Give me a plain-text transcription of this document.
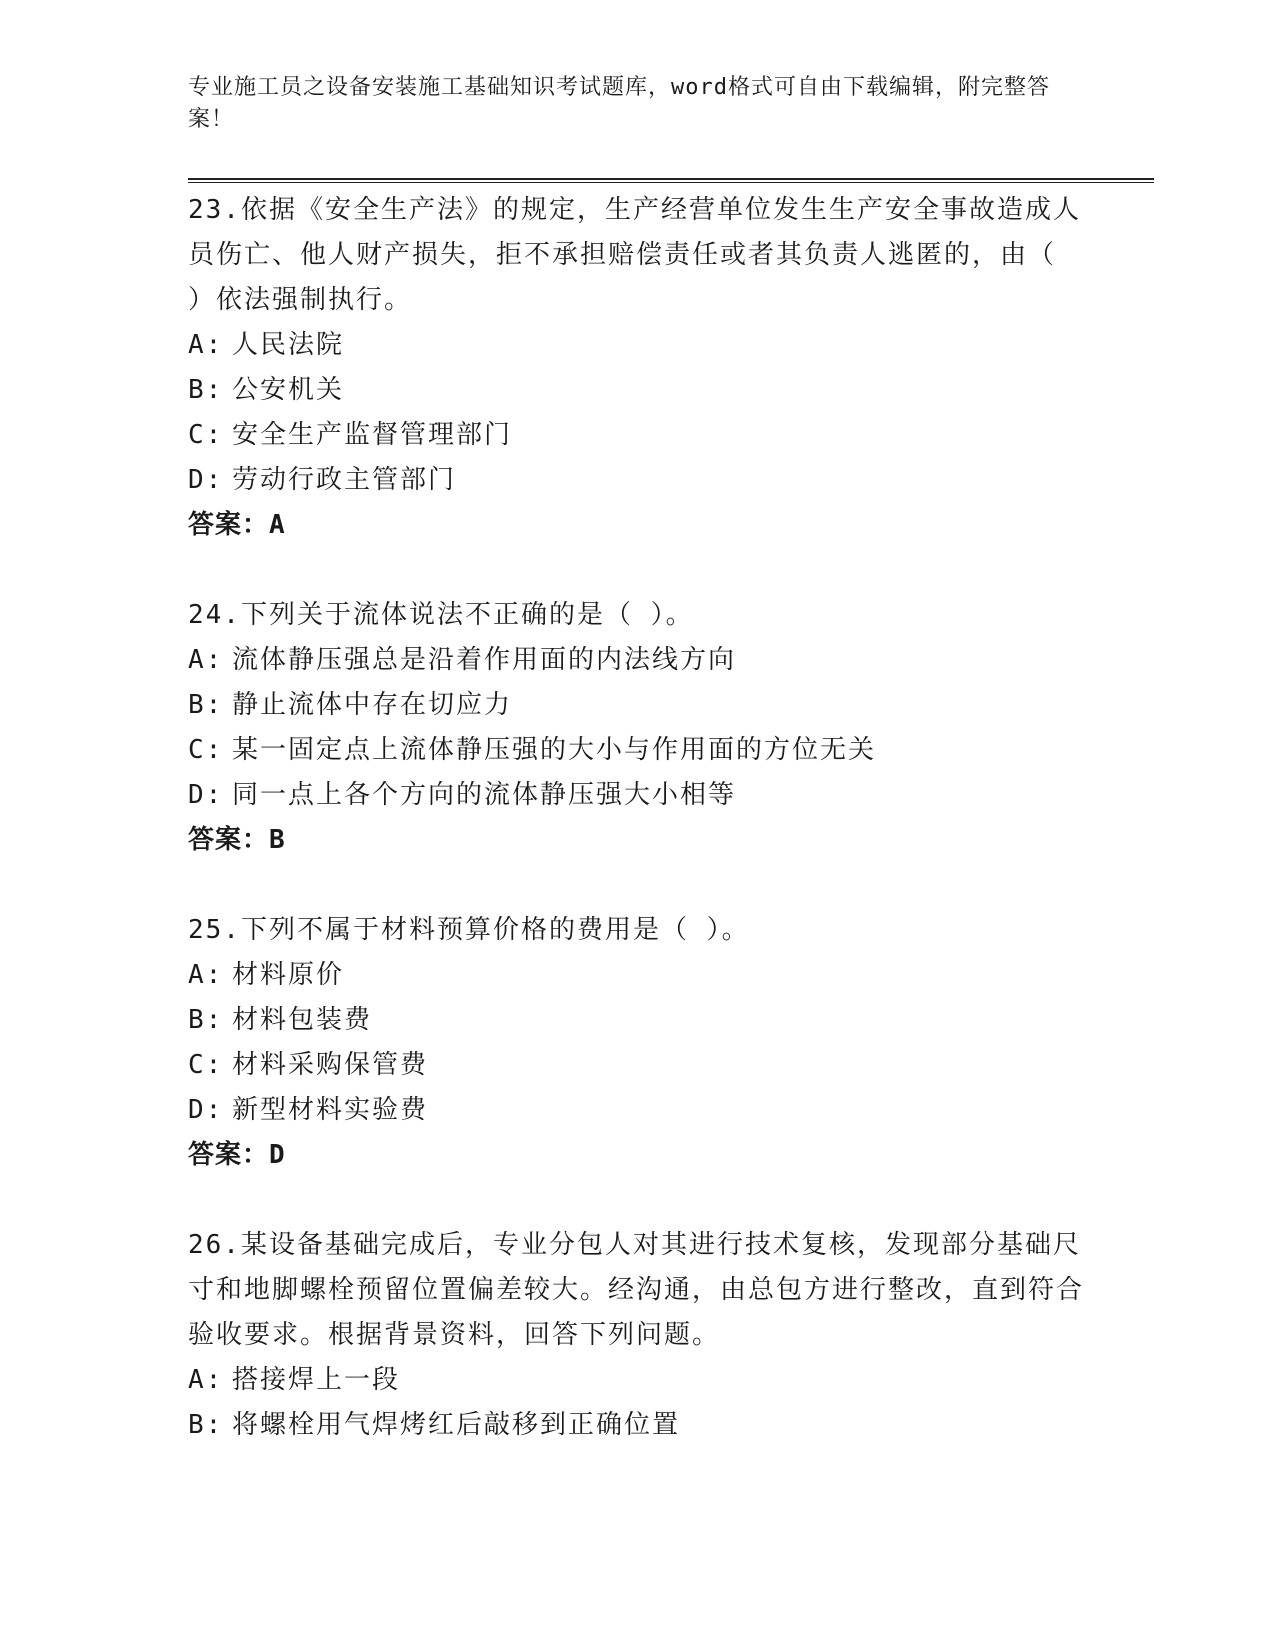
专业施工员之设备安装施工基础知识考试题库，word格式可自由下载编辑，附完整答案！

23.依据《安全生产法》的规定，生产经营单位发生生产安全事故造成人员伤亡、他人财产损失，拒不承担赔偿责任或者其负责人逃匿的，由（ ）依法强制执行。

A: 人民法院

B: 公安机关

C: 安全生产监督管理部门

D: 劳动行政主管部门

答案：A

24.下列关于流体说法不正确的是（ ）。

A: 流体静压强总是沿着作用面的内法线方向

B: 静止流体中存在切应力

C: 某一固定点上流体静压强的大小与作用面的方位无关

D: 同一点上各个方向的流体静压强大小相等

答案：B

25.下列不属于材料预算价格的费用是（ ）。

A: 材料原价

B: 材料包装费

C: 材料采购保管费

D: 新型材料实验费

答案：D

26.某设备基础完成后，专业分包人对其进行技术复核，发现部分基础尺寸和地脚螺栓预留位置偏差较大。经沟通，由总包方进行整改，直到符合验收要求。根据背景资料，回答下列问题。

A: 搭接焊上一段

B: 将螺栓用气焊烤红后敲移到正确位置
